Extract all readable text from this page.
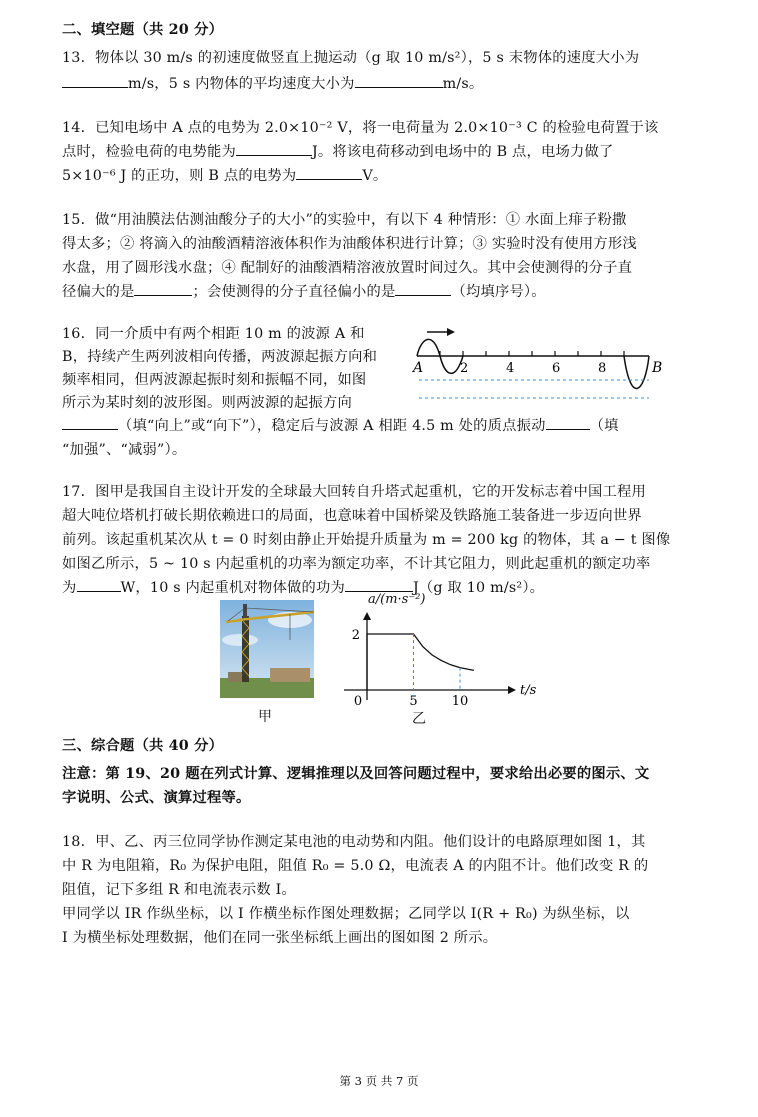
二、填空题（共 20 分）
13．物体以 30 m/s 的初速度做竖直上抛运动（g 取 10 m/s²），5 s 末物体的速度大小为
m/s，5 s 内物体的平均速度大小为	m/s。
14．已知电场中 A 点的电势为 2.0×10⁻² V，将一电荷量为 2.0×10⁻³ C 的检验电荷置于该
点时，检验电荷的电势能为	J。将该电荷移动到电场中的 B 点，电场力做了
5×10⁻⁶ J 的正功，则 B 点的电势为	V。
15．做“用油膜法估测油酸分子的大小”的实验中，有以下 4 种情形：① 水面上痱子粉撒
得太多；② 将滴入的油酸酒精溶液体积作为油酸体积进行计算；③ 实验时没有使用方形浅
水盘，用了圆形浅水盘；④ 配制好的油酸酒精溶液放置时间过久。其中会使测得的分子直
径偏大的是	；会使测得的分子直径偏小的是	（均填序号）。
16．同一介质中有两个相距 10 m 的波源 A 和
B，持续产生两列波相向传播，两波源起振方向和
频率相同，但两波源起振时刻和振幅不同，如图
所示为某时刻的波形图。则两波源的起振方向
（填“向上”或“向下”），稳定后与波源 A 相距 4.5 m 处的质点振动	（填
“加强”、“减弱”）。
A	B
2	4	6	8
17．图甲是我国自主设计开发的全球最大回转自升塔式起重机，它的开发标志着中国工程用
超大吨位塔机打破长期依赖进口的局面，也意味着中国桥梁及铁路施工装备进一步迈向世界
前列。该起重机某次从 t = 0 时刻由静止开始提升质量为 m = 200 kg 的物体，其 a − t 图像
如图乙所示，5 ~ 10 s 内起重机的功率为额定功率，不计其它阻力，则此起重机的额定功率
为	W，10 s 内起重机对物体做的功为	J（g 取 10 m/s²）。
0	5	10
2
t/s
a/(m·s⁻²)
甲	乙
三、综合题（共 40 分）
注意：第 19、20 题在列式计算、逻辑推理以及回答问题过程中，要求给出必要的图示、文
字说明、公式、演算过程等。
18．甲、乙、丙三位同学协作测定某电池的电动势和内阻。他们设计的电路原理如图 1，其
中 R 为电阻箱，R₀ 为保护电阻，阻值 R₀ = 5.0 Ω，电流表 A 的内阻不计。他们改变 R 的
阻值，记下多组 R 和电流表示数 I。
甲同学以 IR 作纵坐标，以 I 作横坐标作图处理数据；乙同学以 I(R + R₀) 为纵坐标，以
I 为横坐标处理数据，他们在同一张坐标纸上画出的图如图 2 所示。
第 3 页 共 7 页
